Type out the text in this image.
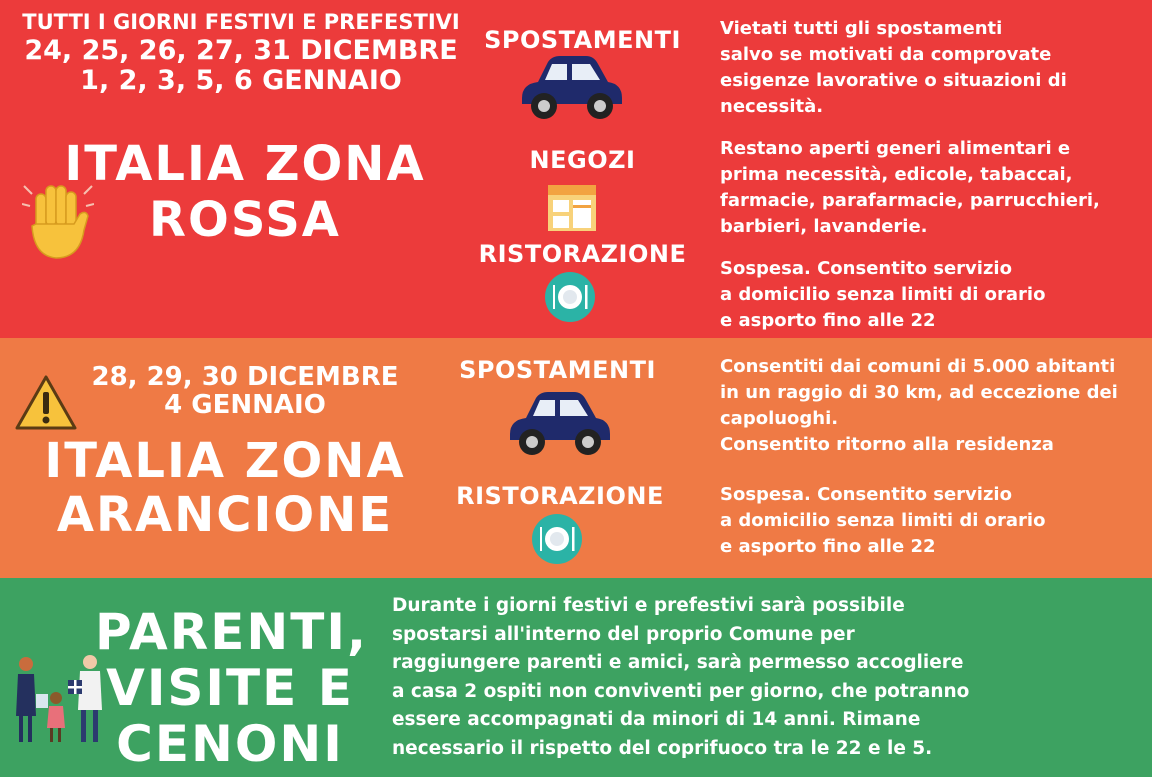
TUTTI I GIORNI FESTIVI E PREFESTIVI
24, 25, 26, 27, 31 DICEMBRE
1, 2, 3, 5, 6 GENNAIO
ITALIA ZONA
ROSSA
SPOSTAMENTI
NEGOZI
RISTORAZIONE
Vietati tutti gli spostamenti
salvo se motivati da comprovate
esigenze lavorative o situazioni di
necessità.
Restano aperti generi alimentari e
prima necessità, edicole, tabaccai,
farmacie, parafarmacie, parrucchieri,
barbieri, lavanderie.
Sospesa. Consentito servizio
a domicilio senza limiti di orario
e asporto fino alle 22
28, 29, 30 DICEMBRE
4 GENNAIO
ITALIA ZONA
ARANCIONE
SPOSTAMENTI
RISTORAZIONE
Consentiti dai comuni di 5.000 abitanti
in un raggio di 30 km, ad eccezione dei
capoluoghi.
Consentito ritorno alla residenza
Sospesa. Consentito servizio
a domicilio senza limiti di orario
e asporto fino alle 22
PARENTI,
VISITE E
CENONI
Durante i giorni festivi e prefestivi sarà possibile
spostarsi all'interno del proprio Comune per
raggiungere parenti e amici, sarà permesso accogliere
a casa 2 ospiti non conviventi per giorno, che potranno
essere accompagnati da minori di 14 anni. Rimane
necessario il rispetto del coprifuoco tra le 22 e le 5.
